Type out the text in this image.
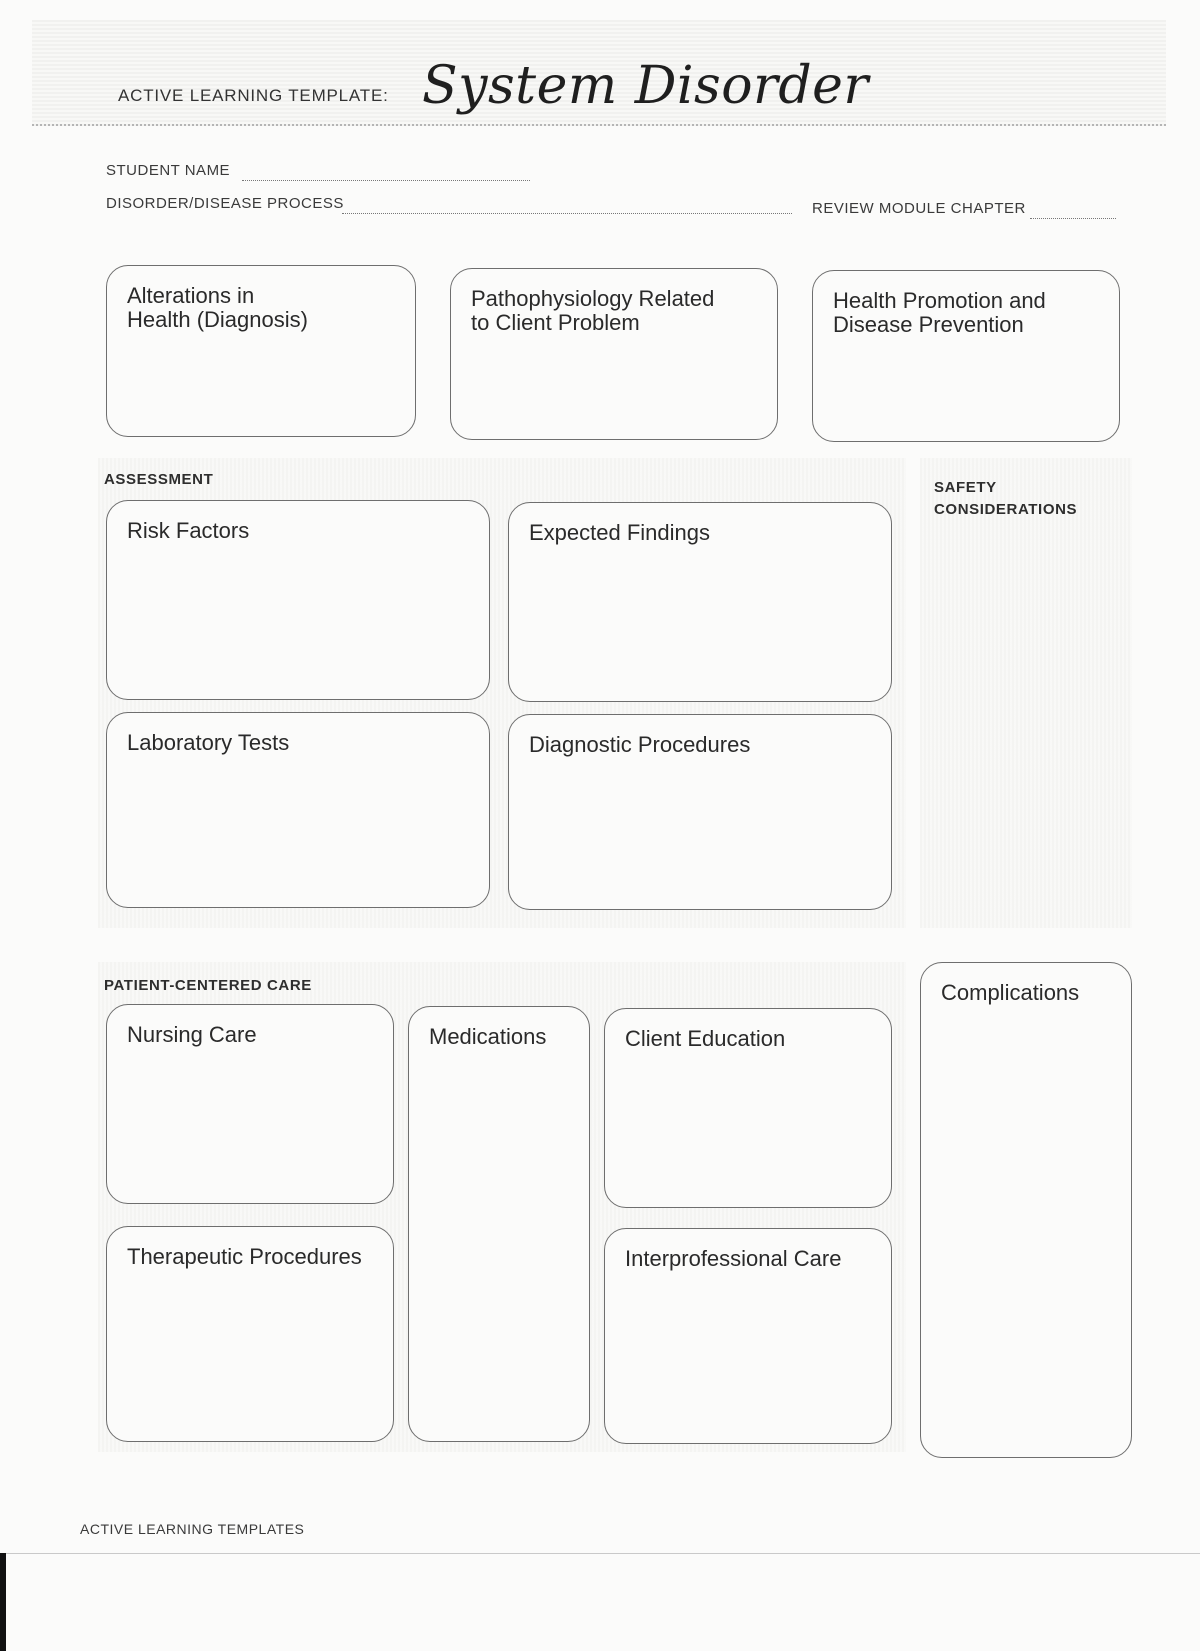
ACTIVE LEARNING TEMPLATE: System Disorder
STUDENT NAME
DISORDER/DISEASE PROCESS	REVIEW MODULE CHAPTER
Alterations in
Health (Diagnosis)
Pathophysiology Related
to Client Problem
Health Promotion and
Disease Prevention
ASSESSMENT
Risk Factors	Expected Findings
Laboratory Tests	Diagnostic Procedures
SAFETY
CONSIDERATIONS
PATIENT-CENTERED CARE
Nursing Care	Medications	Client Education
Therapeutic Procedures	Interprofessional Care
Complications
ACTIVE LEARNING TEMPLATES
